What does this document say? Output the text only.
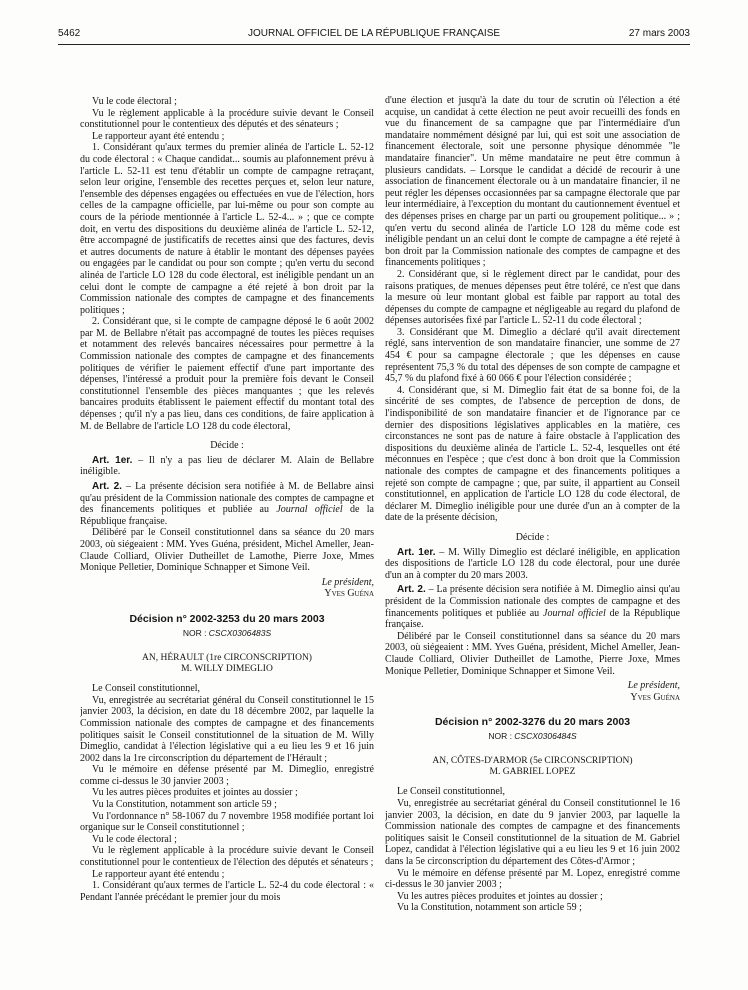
5462	JOURNAL OFFICIEL DE LA RÉPUBLIQUE FRANÇAISE	27 mars 2003

Vu le code électoral ;

Vu le règlement applicable à la procédure suivie devant le Conseil constitutionnel pour le contentieux des députés et des sénateurs ;

Le rapporteur ayant été entendu ;

1. Considérant qu'aux termes du premier alinéa de l'article L. 52-12 du code électoral : « Chaque candidat... soumis au plafonnement prévu à l'article L. 52-11 est tenu d'établir un compte de campagne retraçant, selon leur origine, l'ensemble des recettes perçues et, selon leur nature, l'ensemble des dépenses engagées ou effectuées en vue de l'élection, hors celles de la campagne officielle, par lui-même ou pour son compte au cours de la période mentionnée à l'article L. 52-4... » ; que ce compte doit, en vertu des dispositions du deuxième alinéa de l'article L. 52-12, être accompagné de justificatifs de recettes ainsi que des factures, devis et autres documents de nature à établir le montant des dépenses payées ou engagées par le candidat ou pour son compte ; qu'en vertu du second alinéa de l'article LO 128 du code électoral, est inéligible pendant un an celui dont le compte de campagne a été rejeté à bon droit par la Commission nationale des comptes de campagne et des financements politiques ;

2. Considérant que, si le compte de campagne déposé le 6 août 2002 par M. de Bellabre n'était pas accompagné de toutes les pièces requises et notamment des relevés bancaires nécessaires pour permettre à la Commission nationale des comptes de campagne et des financements politiques de vérifier le paiement effectif d'une part importante des dépenses, l'intéressé a produit pour la première fois devant le Conseil constitutionnel l'ensemble des pièces manquantes ; que les relevés bancaires produits établissent le paiement effectif du montant total des dépenses ; qu'il n'y a pas lieu, dans ces conditions, de faire application à M. de Bellabre de l'article LO 128 du code électoral,

Décide :

Art. 1er. – Il n'y a pas lieu de déclarer M. Alain de Bellabre inéligible.

Art. 2. – La présente décision sera notifiée à M. de Bellabre ainsi qu'au président de la Commission nationale des comptes de campagne et des financements politiques et publiée au Journal officiel de la République française.

Délibéré par le Conseil constitutionnel dans sa séance du 20 mars 2003, où siégeaient : MM. Yves Guéna, président, Michel Ameller, Jean-Claude Colliard, Olivier Dutheillet de Lamothe, Pierre Joxe, Mmes Monique Pelletier, Dominique Schnapper et Simone Veil.

Le président,

Yves Guéna

Décision n° 2002-3253 du 20 mars 2003
NOR : CSCX0306483S
AN, HÉRAULT (1re CIRCONSCRIPTION)
M. WILLY DIMEGLIO

Le Conseil constitutionnel,

Vu, enregistrée au secrétariat général du Conseil constitutionnel le 15 janvier 2003, la décision, en date du 18 décembre 2002, par laquelle la Commission nationale des comptes de campagne et des financements politiques saisit le Conseil constitutionnel de la situation de M. Willy Dimeglio, candidat à l'élection législative qui a eu lieu les 9 et 16 juin 2002 dans la 1re circonscription du département de l'Hérault ;

Vu le mémoire en défense présenté par M. Dimeglio, enregistré comme ci-dessus le 30 janvier 2003 ;

Vu les autres pièces produites et jointes au dossier ;

Vu la Constitution, notamment son article 59 ;

Vu l'ordonnance n° 58-1067 du 7 novembre 1958 modifiée portant loi organique sur le Conseil constitutionnel ;

Vu le code électoral ;

Vu le règlement applicable à la procédure suivie devant le Conseil constitutionnel pour le contentieux de l'élection des députés et sénateurs ;

Le rapporteur ayant été entendu ;

1. Considérant qu'aux termes de l'article L. 52-4 du code électoral : « Pendant l'année précédant le premier jour du mois

d'une élection et jusqu'à la date du tour de scrutin où l'élection a été acquise, un candidat à cette élection ne peut avoir recueilli des fonds en vue du financement de sa campagne que par l'intermédiaire d'un mandataire nommément désigné par lui, qui est soit une association de financement électorale, soit une personne physique dénommée "le mandataire financier". Un même mandataire ne peut être commun à plusieurs candidats. – Lorsque le candidat a décidé de recourir à une association de financement électorale ou à un mandataire financier, il ne peut régler les dépenses occasionnées par sa campagne électorale que par leur intermédiaire, à l'exception du montant du cautionnement éventuel et des dépenses prises en charge par un parti ou groupement politique... » ; qu'en vertu du second alinéa de l'article LO 128 du même code est inéligible pendant un an celui dont le compte de campagne a été rejeté à bon droit par la Commission nationale des comptes de campagne et des financements politiques ;

2. Considérant que, si le règlement direct par le candidat, pour des raisons pratiques, de menues dépenses peut être toléré, ce n'est que dans la mesure où leur montant global est faible par rapport au total des dépenses du compte de campagne et négligeable au regard du plafond de dépenses autorisées fixé par l'article L. 52-11 du code électoral ;

3. Considérant que M. Dimeglio a déclaré qu'il avait directement réglé, sans intervention de son mandataire financier, une somme de 27 454 € pour sa campagne électorale ; que les dépenses en cause représentent 75,3 % du total des dépenses de son compte de campagne et 45,7 % du plafond fixé à 60 066 € pour l'élection considérée ;

4. Considérant que, si M. Dimeglio fait état de sa bonne foi, de la sincérité de ses comptes, de l'absence de perception de dons, de l'indisponibilité de son mandataire financier et de l'ignorance par ce dernier des dispositions législatives applicables en la matière, ces circonstances ne sont pas de nature à faire obstacle à l'application des dispositions du deuxième alinéa de l'article L. 52-4, lesquelles ont été méconnues en l'espèce ; que c'est donc à bon droit que la Commission nationale des comptes de campagne et des financements politiques a rejeté son compte de campagne ; que, par suite, il appartient au Conseil constitutionnel, en application de l'article LO 128 du code électoral, de déclarer M. Dimeglio inéligible pour une durée d'un an à compter de la date de la présente décision,

Décide :

Art. 1er. – M. Willy Dimeglio est déclaré inéligible, en application des dispositions de l'article LO 128 du code électoral, pour une durée d'un an à compter du 20 mars 2003.

Art. 2. – La présente décision sera notifiée à M. Dimeglio ainsi qu'au président de la Commission nationale des comptes de campagne et des financements politiques et publiée au Journal officiel de la République française.

Délibéré par le Conseil constitutionnel dans sa séance du 20 mars 2003, où siégeaient : MM. Yves Guéna, président, Michel Ameller, Jean-Claude Colliard, Olivier Dutheillet de Lamothe, Pierre Joxe, Mmes Monique Pelletier, Dominique Schnapper et Simone Veil.

Le président,

Yves Guéna

Décision n° 2002-3276 du 20 mars 2003
NOR : CSCX0306484S
AN, CÔTES-D'ARMOR (5e CIRCONSCRIPTION)
M. GABRIEL LOPEZ

Le Conseil constitutionnel,

Vu, enregistrée au secrétariat général du Conseil constitutionnel le 16 janvier 2003, la décision, en date du 9 janvier 2003, par laquelle la Commission nationale des comptes de campagne et des financements politiques saisit le Conseil constitutionnel de la situation de M. Gabriel Lopez, candidat à l'élection législative qui a eu lieu les 9 et 16 juin 2002 dans la 5e circonscription du département des Côtes-d'Armor ;

Vu le mémoire en défense présenté par M. Lopez, enregistré comme ci-dessus le 30 janvier 2003 ;

Vu les autres pièces produites et jointes au dossier ;

Vu la Constitution, notamment son article 59 ;
